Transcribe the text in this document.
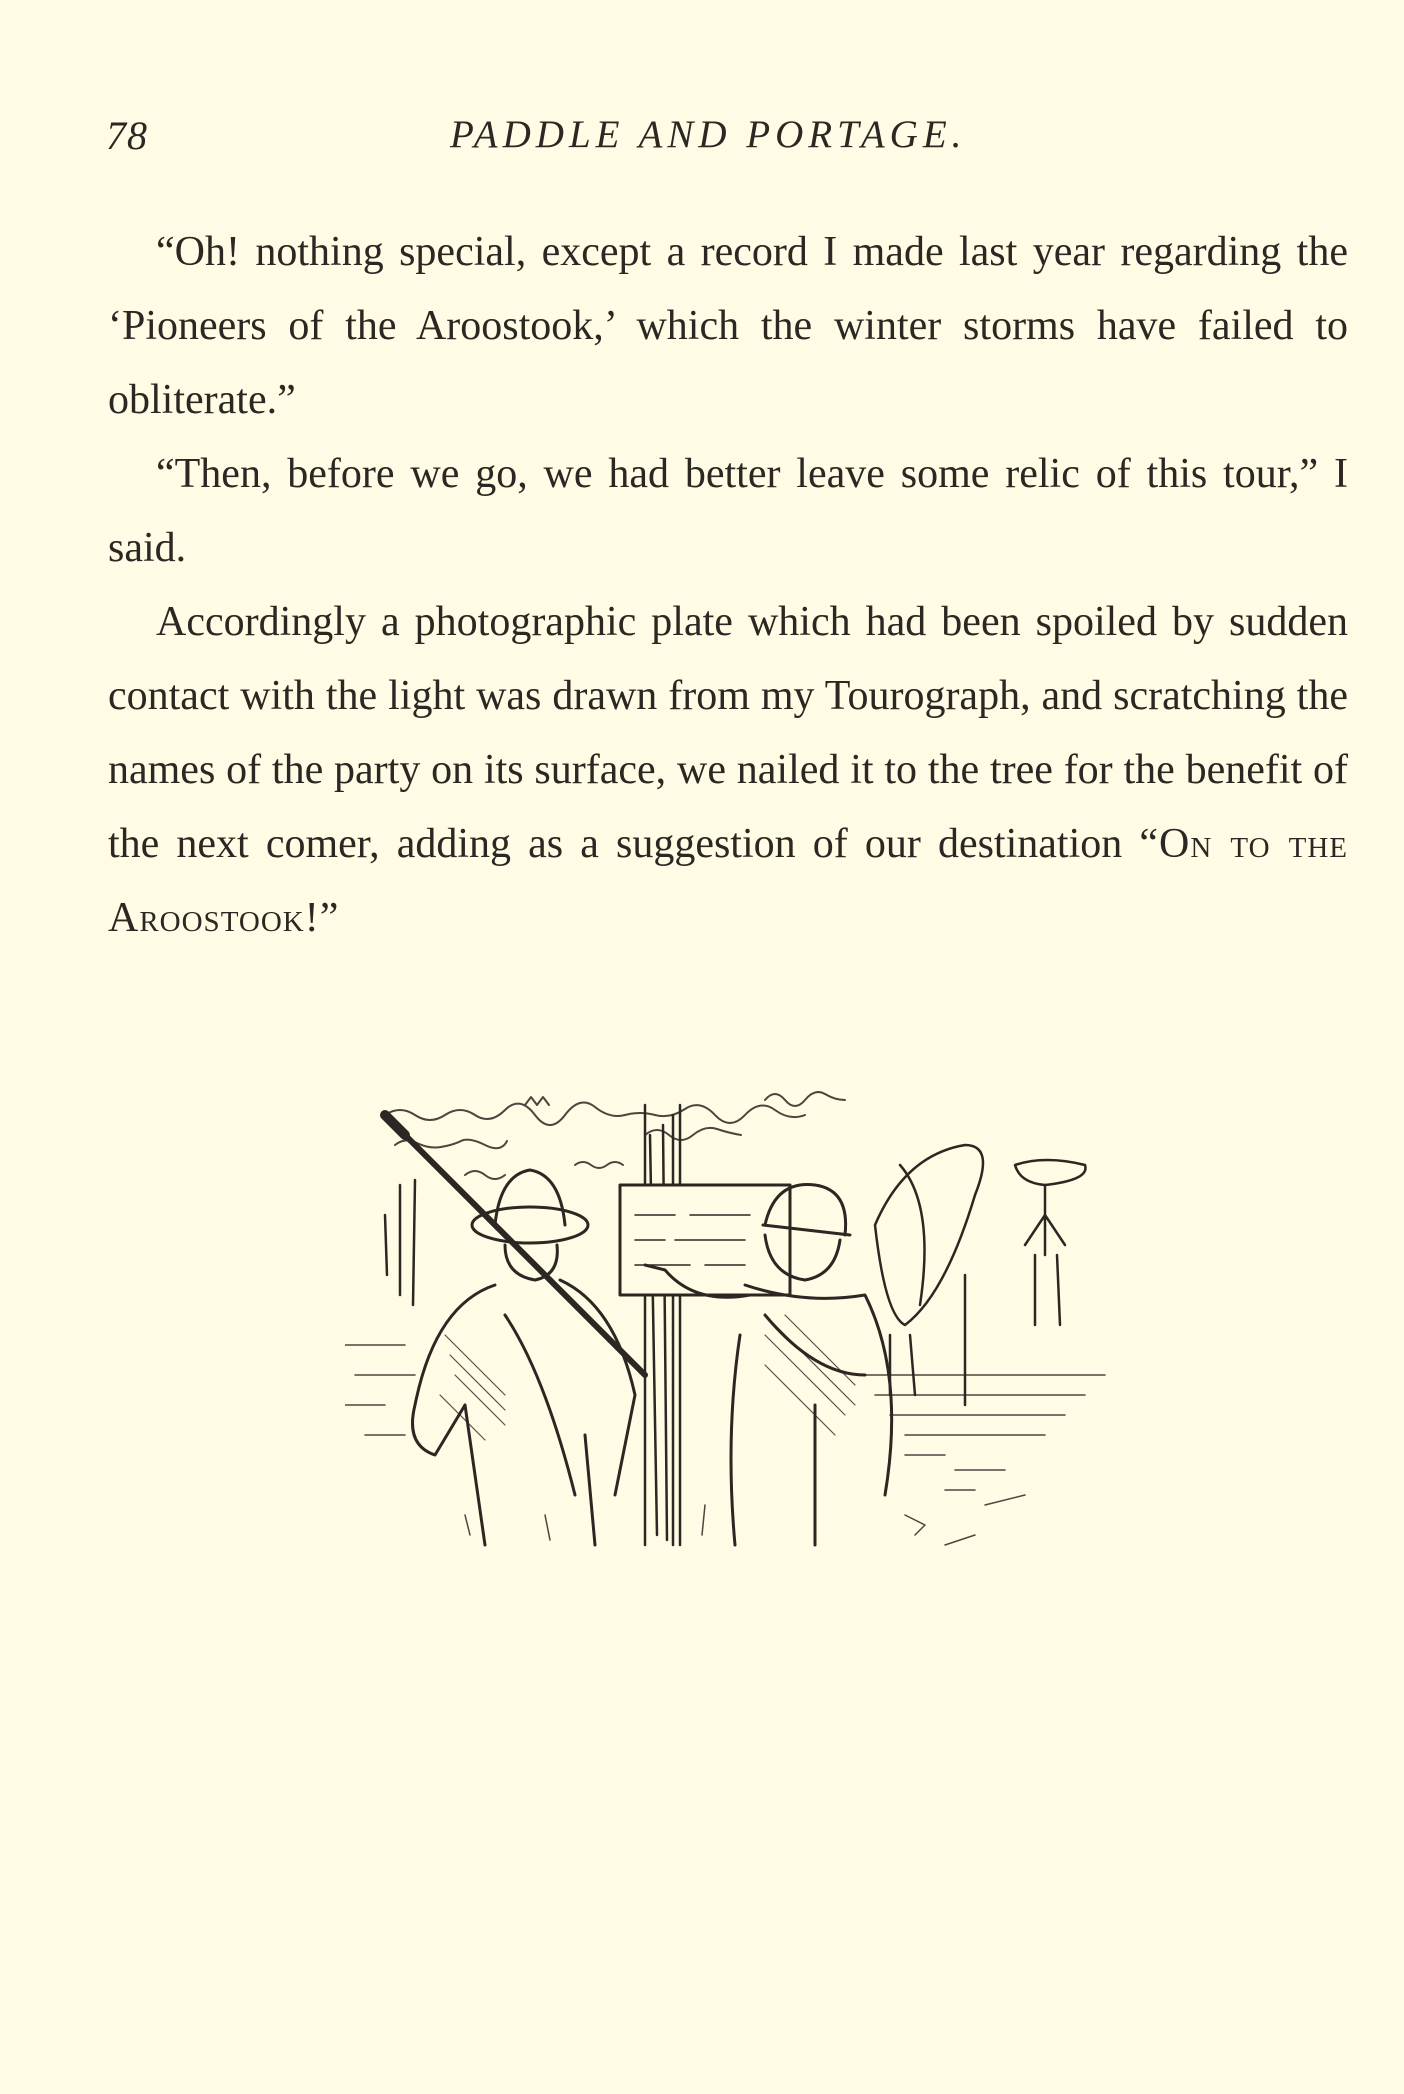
78	PADDLE AND PORTAGE.

“Oh! nothing special, except a record I made last year regarding the ‘Pioneers of the Aroostook,’ which the winter storms have failed to obliterate.”

“Then, before we go, we had better leave some relic of this tour,” I said.

Accordingly a photographic plate which had been spoiled by sudden contact with the light was drawn from my Tourograph, and scratching the names of the party on its surface, we nailed it to the tree for the benefit of the next comer, adding as a suggestion of our destination “On to the Aroostook!”
